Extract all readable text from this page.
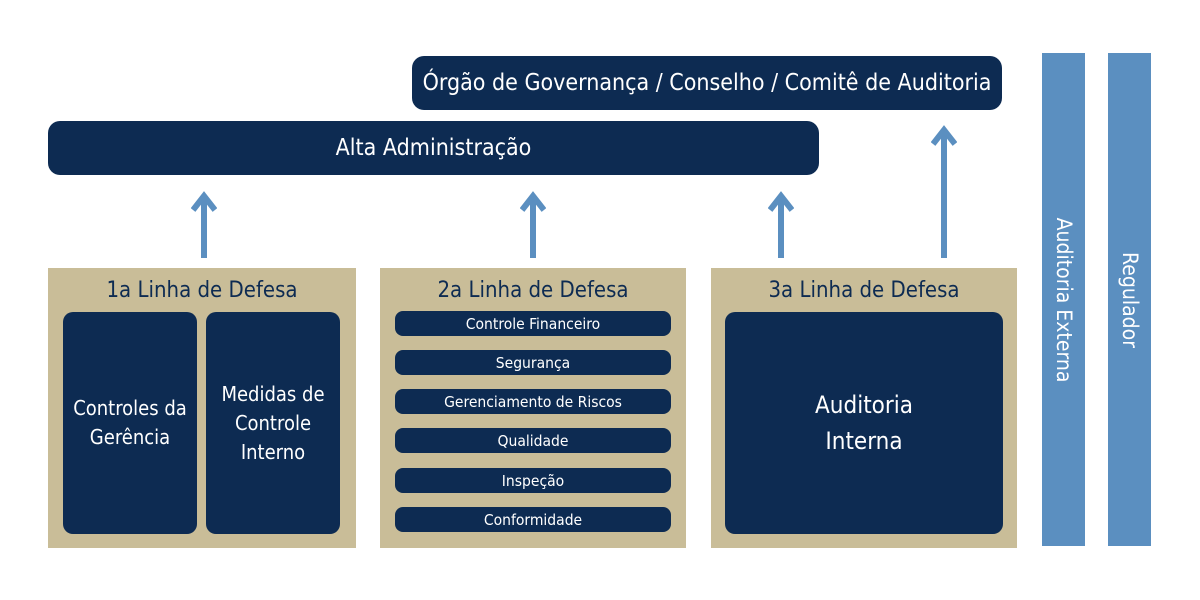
Órgão de Governança / Conselho / Comitê de Auditoria
Alta Administração
1a Linha de Defesa
Controles da
Gerência
Medidas de
Controle
Interno
2a Linha de Defesa
Controle Financeiro
Segurança
Gerenciamento de Riscos
Qualidade
Inspeção
Conformidade
3a Linha de Defesa
Auditoria
Interna
Auditoria Externa Regulador
